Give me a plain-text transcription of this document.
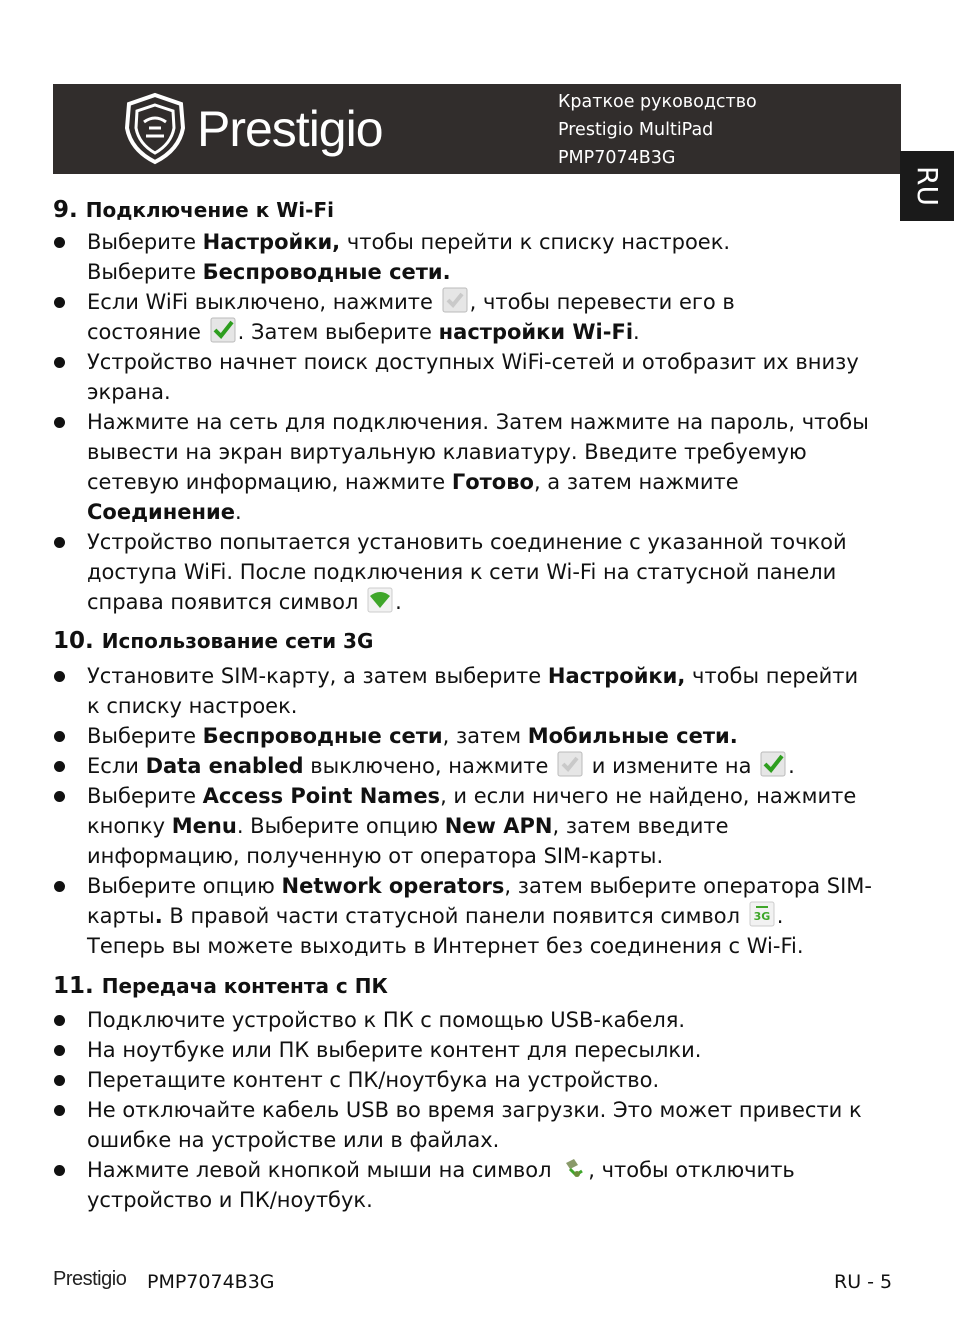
Prestigio	Краткое руководство
Prestigio MultiPad
PMP7074B3G
RU
9. Подключение к Wi-Fi
Выберите Настройки, чтобы перейти к списку настроек.
Выберите Беспроводные сети.
Если WiFi выключено, нажмите , чтобы перевести его в
состояние . Затем выберите настройки Wi-Fi.
Устройство начнет поиск доступных WiFi-сетей и отобразит их внизу экрана.
Нажмите на сеть для подключения. Затем нажмите на пароль, чтобы вывести на экран виртуальную клавиатуру. Введите требуемую сетевую информацию, нажмите Готово, а затем нажмите Соединение.
Устройство попытается установить соединение с указанной точкой доступа WiFi. После подключения к сети Wi-Fi на статусной панели справа появится символ .
10. Использование сети 3G
Установите SIM-карту, а затем выберите Настройки, чтобы перейти к списку настроек.
Выберите Беспроводные сети, затем Мобильные сети.
Если Data enabled выключено, нажмите  и измените на .
Выберите Access Point Names, и если ничего не найдено, нажмите кнопку Menu. Выберите опцию New APN, затем введите информацию, полученную от оператора SIM-карты.
Выберите опцию Network operators, затем выберите оператора SIM-карты. В правой части статусной панели появится символ 3G .
Теперь вы можете выходить в Интернет без соединения с Wi-Fi.
11. Передача контента с ПК
Подключите устройство к ПК с помощью USB-кабеля.
На ноутбуке или ПК выберите контент для пересылки.
Перетащите контент с ПК/ноутбука на устройство.
Не отключайте кабель USB во время загрузки. Это может привести к ошибке на устройстве или в файлах.
Нажмите левой кнопкой мыши на символ , чтобы отключить устройство и ПК/ноутбук.
Prestigio PMP7074B3G	RU - 5
